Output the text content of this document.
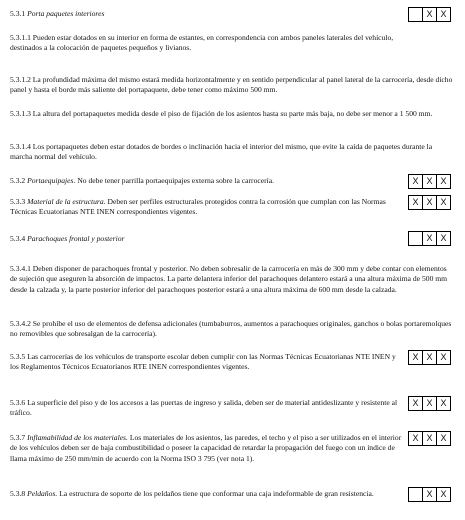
5.3.1 Porta paquetes interiores
5.3.1.1 Pueden estar dotados en su interior en forma de estantes, en correspondencia con ambos paneles laterales del vehículo, destinados a la colocación de paquetes pequeños y livianos.
5.3.1.2 La profundidad máxima del mismo estará medida horizontalmente y en sentido perpendicular al panel lateral de la carrocería, desde dicho panel y hasta el borde más saliente del portapaquete, debe tener como máximo 500 mm.
5.3.1.3 La altura del portapaquetes medida desde el piso de fijación de los asientos hasta su parte más baja, no debe ser menor a 1 500 mm.
5.3.1.4 Los portapaquetes deben estar dotados de bordes o inclinación hacia el interior del mismo, que evite la caída de paquetes durante la marcha normal del vehículo.
5.3.2 Portaequipajes. No debe tener parrilla portaequipajes externa sobre la carrocería.
5.3.3 Material de la estructura. Deben ser perfiles estructurales protegidos contra la corrosión que cumplan con las Normas Técnicas Ecuatorianas NTE INEN correspondientes vigentes.
5.3.4 Parachoques frontal y posterior
5.3.4.1 Deben disponer de parachoques frontal y posterior. No deben sobresalir de la carrocería en más de 300 mm y debe contar con elementos de sujeción que aseguren la absorción de impactos. La parte delantera inferior del parachoques delantero estará a una altura máxima de 500 mm desde la calzada y, la parte posterior inferior del parachoques posterior estará a una altura máxima de 600 mm desde la calzada.
5.3.4.2 Se prohíbe el uso de elementos de defensa adicionales (tumbaburros, aumentos a parachoques originales, ganchos o bolas portaremolques no removibles que sobresalgan de la carrocería).
5.3.5 Las carrocerías de los vehículos de transporte escolar deben cumplir con las Normas Técnicas Ecuatorianas NTE INEN y los Reglamentos Técnicos Ecuatorianos RTE INEN correspondientes vigentes.
5.3.6 La superficie del piso y de los accesos a las puertas de ingreso y salida, deben ser de material antideslizante y resistente al tráfico.
5.3.7 Inflamabilidad de los materiales. Los materiales de los asientos, las paredes, el techo y el piso a ser utilizados en el interior de los vehículos deben ser de baja combustibilidad o poseer la capacidad de retardar la propagación del fuego con un índice de llama máximo de 250 mm/min de acuerdo con la Norma ISO 3 795 (ver nota 1).
5.3.8 Peldaños. La estructura de soporte de los peldaños tiene que conformar una caja indeformable de gran resistencia.
	X	X
X	X	X
X	X	X
	X	X
X	X	X
X	X	X
X	X	X
	X	X
